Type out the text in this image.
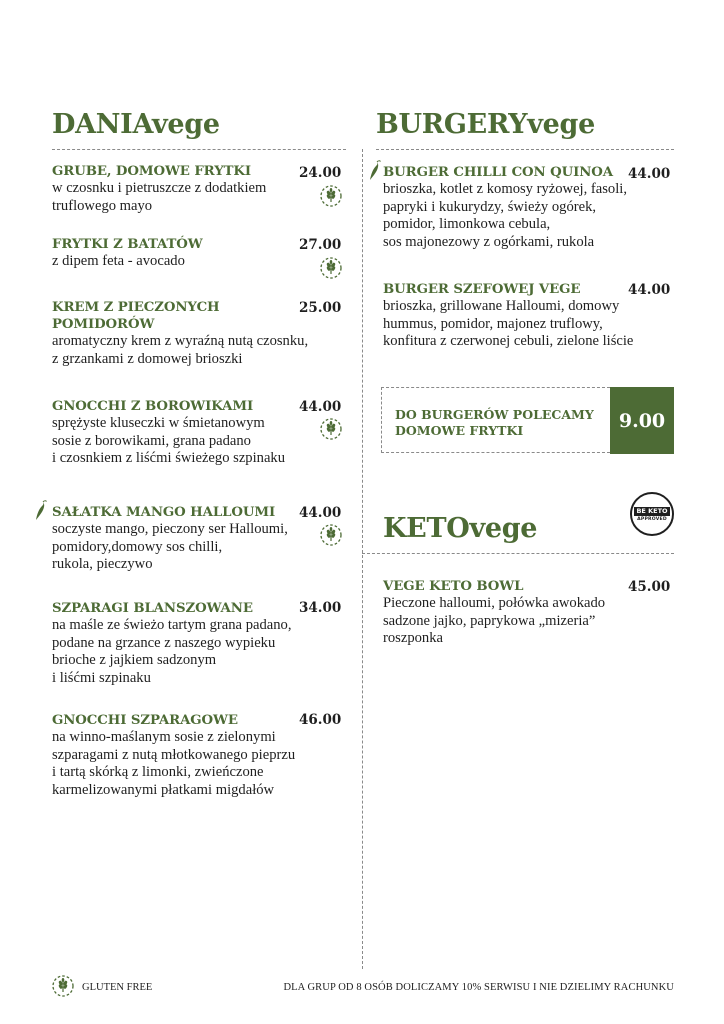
DANIAvege
GRUBE, DOMOWE FRYTKI
w czosnku i pietruszcze z dodatkiem
truflowego mayo
24.00
FRYTKI Z BATATÓW
z dipem feta - avocado
27.00
KREM Z PIECZONYCH
POMIDORÓW
aromatyczny krem z wyraźną nutą czosnku,
z grzankami z domowej brioszki
25.00
GNOCCHI Z BOROWIKAMI
sprężyste kluseczki w śmietanowym
sosie z borowikami, grana padano
i czosnkiem z liśćmi świeżego szpinaku
44.00
SAŁATKA MANGO HALLOUMI
soczyste mango, pieczony ser Halloumi,
pomidory,domowy sos chilli,
rukola, pieczywo
44.00
SZPARAGI BLANSZOWANE
na maśle ze świeżo tartym grana padano,
podane na grzance z naszego wypieku
brioche z jajkiem sadzonym
i liśćmi szpinaku
34.00
GNOCCHI SZPARAGOWE
na winno-maślanym sosie z zielonymi
szparagami z nutą młotkowanego pieprzu
i tartą skórką z limonki, zwieńczone
karmelizowanymi płatkami migdałów
46.00
BURGERYvege
BURGER CHILLI CON QUINOA
brioszka, kotlet z komosy ryżowej, fasoli,
papryki i kukurydzy, świeży ogórek,
pomidor, limonkowa cebula,
sos majonezowy z ogórkami, rukola
44.00
BURGER SZEFOWEJ VEGE
brioszka, grillowane Halloumi, domowy
hummus, pomidor, majonez truflowy,
konfitura z czerwonej cebuli, zielone liście
44.00
DO BURGERÓW POLECAMY
DOMOWE FRYTKI	9.00
BE KETO
APPROVED
KETOvege
VEGE KETO BOWL
Pieczone halloumi, połówka awokado
sadzone jajko, paprykowa „mizeria”
roszponka
45.00
GLUTEN FREE	DLA GRUP OD 8 OSÓB DOLICZAMY 10% SERWISU I NIE DZIELIMY RACHUNKU
